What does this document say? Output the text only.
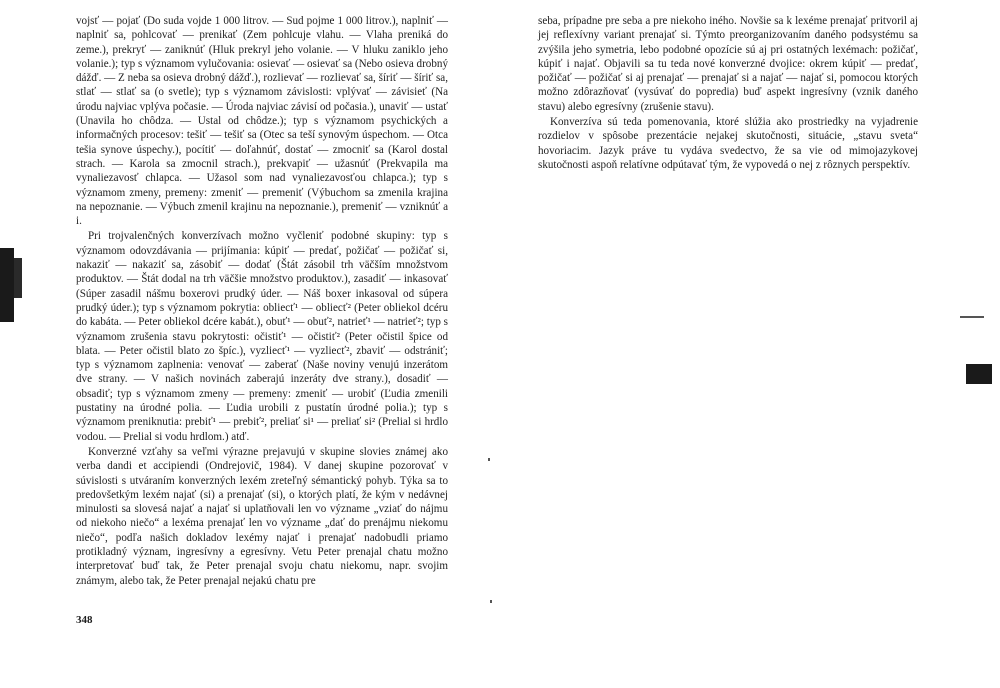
vojsť — pojať (Do suda vojde 1 000 litrov. — Sud pojme 1 000 litrov.), naplniť — naplniť sa, pohlcovať — prenikať (Zem pohlcuje vlahu. — Vlaha preniká do zeme.), prekryť — zaniknúť (Hluk prekryl jeho volanie. — V hluku zaniklo jeho volanie.); typ s významom vylučovania: osievať — osievať sa (Nebo osieva drobný dážď. — Z neba sa osieva drobný dážď.), rozlievať — rozlievať sa, šíriť — šíriť sa, stlať — stlať sa (o svetle); typ s významom závislosti: vplývať — závisieť (Na úrodu najviac vplýva počasie. — Úroda najviac závisí od počasia.), unaviť — ustať (Unavila ho chôdza. — Ustal od chôdze.); typ s významom psychických a informačných procesov: tešiť — tešiť sa (Otec sa teší synovým úspechom. — Otca tešia synove úspechy.), pocítiť — doľahnúť, dostať — zmocniť sa (Karol dostal strach. — Karola sa zmocnil strach.), prekvapiť — užasnúť (Prekvapila ma vynaliezavosť chlapca. — Užasol som nad vynaliezavosťou chlapca.); typ s významom zmeny, premeny: zmeniť — premeniť (Výbuchom sa zmenila krajina na nepoznanie. — Výbuch zmenil krajinu na nepoznanie.), premeniť — vzniknúť a i.

Pri trojvalenčných konverzívach možno vyčleniť podobné skupiny: typ s významom odovzdávania — prijímania: kúpiť — predať, požičať — požičať si, nakaziť — nakaziť sa, zásobiť — dodať (Štát zásobil trh väčším množstvom produktov. — Štát dodal na trh väčšie množstvo produktov.), zasadiť — inkasovať (Súper zasadil nášmu boxerovi prudký úder. — Náš boxer inkasoval od súpera prudký úder.); typ s významom pokrytia: obliecť¹ — obliecť² (Peter obliekol dcéru do kabáta. — Peter obliekol dcére kabát.), obuť¹ — obuť², natrieť¹ — natrieť²; typ s významom zrušenia stavu pokrytosti: očistiť¹ — očistiť² (Peter očistil špice od blata. — Peter očistil blato zo špíc.), vyzliecť¹ — vyzliecť², zbaviť — odstrániť; typ s významom zaplnenia: venovať — zaberať (Naše noviny venujú inzerátom dve strany. — V našich novinách zaberajú inzeráty dve strany.), dosadiť — obsadiť; typ s významom zmeny — premeny: zmeniť — urobiť (Ľudia zmenili pustatiny na úrodné polia. — Ľudia urobili z pustatín úrodné polia.); typ s významom preniknutia: prebiť¹ — prebiť², preliať si¹ — preliať si² (Prelial si hrdlo vodou. — Prelial si vodu hrdlom.) atď.

Konverzné vzťahy sa veľmi výrazne prejavujú v skupine slovies známej ako verba dandi et accipiendi (Ondrejovič, 1984). V danej skupine pozorovať v súvislosti s utváraním konverzných lexém zreteľný sémantický pohyb. Týka sa to predovšetkým lexém najať (si) a prenajať (si), o ktorých platí, že kým v nedávnej minulosti sa slovesá najať a najať si uplatňovali len vo význame „vziať do nájmu od niekoho niečo“ a lexéma prenajať len vo význame „dať do prenájmu niekomu niečo“, podľa našich dokladov lexémy najať i prenajať nadobudli priamo protikladný význam, ingresívny a egresívny. Vetu Peter prenajal chatu možno interpretovať buď tak, že Peter prenajal svoju chatu niekomu, napr. svojim známym, alebo tak, že Peter prenajal nejakú chatu pre

348

seba, prípadne pre seba a pre niekoho iného. Novšie sa k lexéme prenajať pritvoril aj jej reflexívny variant prenajať si. Týmto preorganizovaním daného podsystému sa zvýšila jeho symetria, lebo podobné opozície sú aj pri ostatných lexémach: požičať, kúpiť i najať. Objavili sa tu teda nové konverzné dvojice: okrem kúpiť — predať, požičať — požičať si aj prenajať — prenajať si a najať — najať si, pomocou ktorých možno zdôrazňovať (vysúvať do popredia) buď aspekt ingresívny (vznik daného stavu) alebo egresívny (zrušenie stavu).

Konverzíva sú teda pomenovania, ktoré slúžia ako prostriedky na vyjadrenie rozdielov v spôsobe prezentácie nejakej skutočnosti, situácie, „stavu sveta“ hovoriacim. Jazyk práve tu vydáva svedectvo, že sa vie od mimojazykovej skutočnosti aspoň relatívne odpútavať tým, že vypovedá o nej z rôznych perspektív.
